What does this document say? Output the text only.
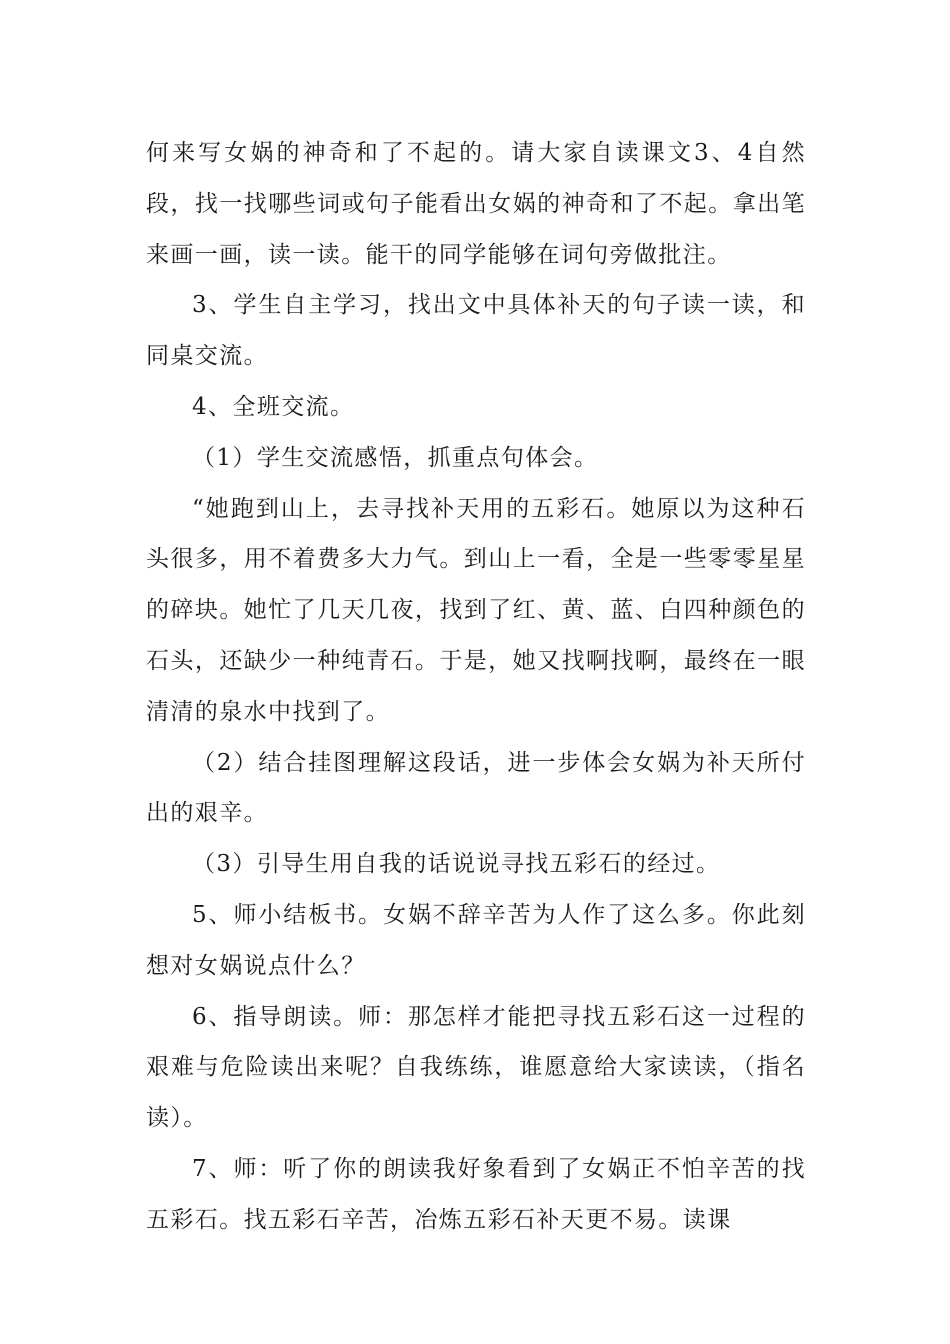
何来写女娲的神奇和了不起的。请大家自读课文3、4自然段，找一找哪些词或句子能看出女娲的神奇和了不起。拿出笔来画一画，读一读。能干的同学能够在词句旁做批注。

3、学生自主学习，找出文中具体补天的句子读一读，和同桌交流。

4、全班交流。

（1）学生交流感悟，抓重点句体会。

“她跑到山上，去寻找补天用的五彩石。她原以为这种石头很多，用不着费多大力气。到山上一看，全是一些零零星星的碎块。她忙了几天几夜，找到了红、黄、蓝、白四种颜色的石头，还缺少一种纯青石。于是，她又找啊找啊，最终在一眼清清的泉水中找到了。

（2）结合挂图理解这段话，进一步体会女娲为补天所付出的艰辛。

（3）引导生用自我的话说说寻找五彩石的经过。

5、师小结板书。女娲不辞辛苦为人作了这么多。你此刻想对女娲说点什么？

6、指导朗读。师：那怎样才能把寻找五彩石这一过程的艰难与危险读出来呢？自我练练，谁愿意给大家读读，（指名读）。

7、师：听了你的朗读我好象看到了女娲正不怕辛苦的找五彩石。找五彩石辛苦，冶炼五彩石补天更不易。读课
